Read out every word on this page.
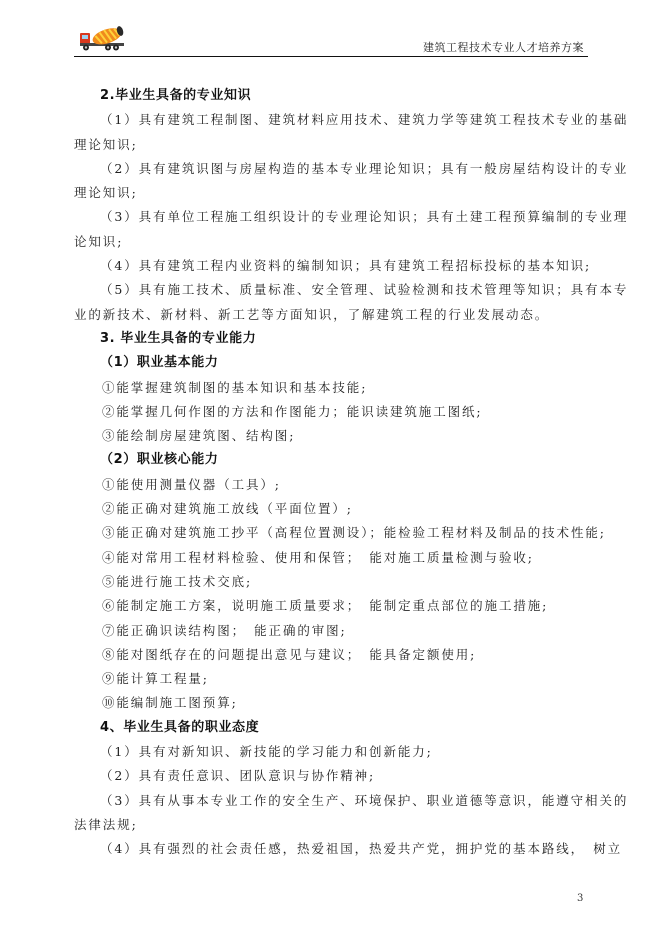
建筑工程技术专业人才培养方案
2.毕业生具备的专业知识
（1）具有建筑工程制图、建筑材料应用技术、建筑力学等建筑工程技术专业的基础
理论知识;
（2）具有建筑识图与房屋构造的基本专业理论知识；具有一般房屋结构设计的专业
理论知识;
（3）具有单位工程施工组织设计的专业理论知识；具有土建工程预算编制的专业理
论知识;
（4）具有建筑工程内业资料的编制知识；具有建筑工程招标投标的基本知识;
（5）具有施工技术、质量标准、安全管理、试验检测和技术管理等知识；具有本专
业的新技术、新材料、新工艺等方面知识，了解建筑工程的行业发展动态。
3. 毕业生具备的专业能力
（1）职业基本能力
①能掌握建筑制图的基本知识和基本技能;
②能掌握几何作图的方法和作图能力；能识读建筑施工图纸;
③能绘制房屋建筑图、结构图;
（2）职业核心能力
①能使用测量仪器（工具）;
②能正确对建筑施工放线（平面位置）;
③能正确对建筑施工抄平（高程位置测设）；能检验工程材料及制品的技术性能;
④能对常用工程材料检验、使用和保管；　能对施工质量检测与验收;
⑤能进行施工技术交底;
⑥能制定施工方案，说明施工质量要求；　能制定重点部位的施工措施;
⑦能正确识读结构图；　能正确的审图;
⑧能对图纸存在的问题提出意见与建议；　能具备定额使用;
⑨能计算工程量;
⑩能编制施工图预算;
4、毕业生具备的职业态度
（1）具有对新知识、新技能的学习能力和创新能力;
（2）具有责任意识、团队意识与协作精神;
（3）具有从事本专业工作的安全生产、环境保护、职业道德等意识，能遵守相关的
法律法规;
（4）具有强烈的社会责任感，热爱祖国，热爱共产党，拥护党的基本路线，　树立
3
